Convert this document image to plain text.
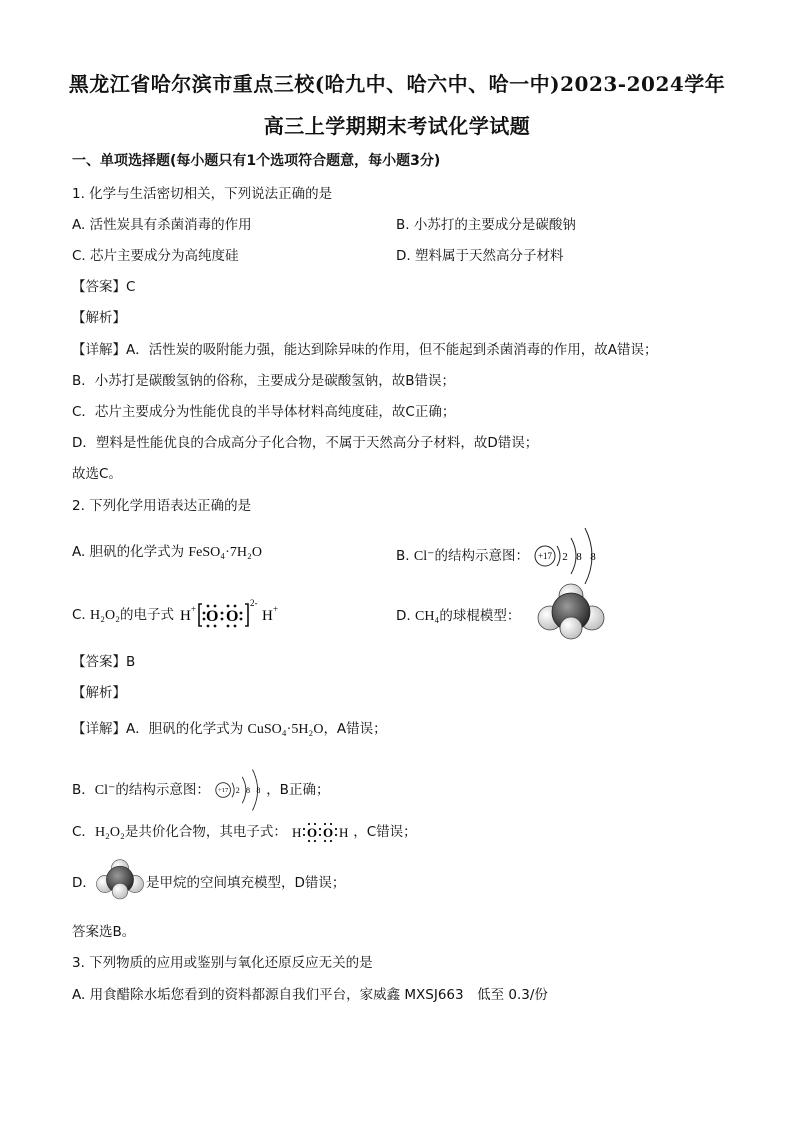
黑龙江省哈尔滨市重点三校(哈九中、哈六中、哈一中)2023-2024学年
高三上学期期末考试化学试题
一、单项选择题(每小题只有1个选项符合题意，每小题3分)
1. 化学与生活密切相关，下列说法正确的是
A. 活性炭具有杀菌消毒的作用	B. 小苏打的主要成分是碳酸钠
C. 芯片主要成分为高纯度硅	D. 塑料属于天然高分子材料
【答案】C
【解析】
【详解】A．活性炭的吸附能力强，能达到除异味的作用，但不能起到杀菌消毒的作用，故A错误；
B．小苏打是碳酸氢钠的俗称，主要成分是碳酸氢钠，故B错误；
C．芯片主要成分为性能优良的半导体材料高纯度硅，故C正确；
D．塑料是性能优良的合成高分子化合物，不属于天然高分子材料，故D错误；
故选C。
2. 下列化学用语表达正确的是
A. 胆矾的化学式为 FeSO₄·7H₂O	B. Cl⁻的结构示意图： +17 2 8 8
C. H₂O₂的电子式 H + O O
2-
H +	D. CH₄的球棍模型：
【答案】B
【解析】
【详解】A．胆矾的化学式为 CuSO₄·5H₂O，A错误；
B．Cl⁻的结构示意图： +17 2 8 8 ，B正确；
C．H₂O₂是共价化合物，其电子式： H O O H ，C错误；
D．	是甲烷的空间填充模型，D错误；
答案选B。
3. 下列物质的应用或鉴别与氧化还原反应无关的是
A. 用食醋除水垢您看到的资料都源自我们平台，家威鑫 MXSJ663　低至 0.3/份
